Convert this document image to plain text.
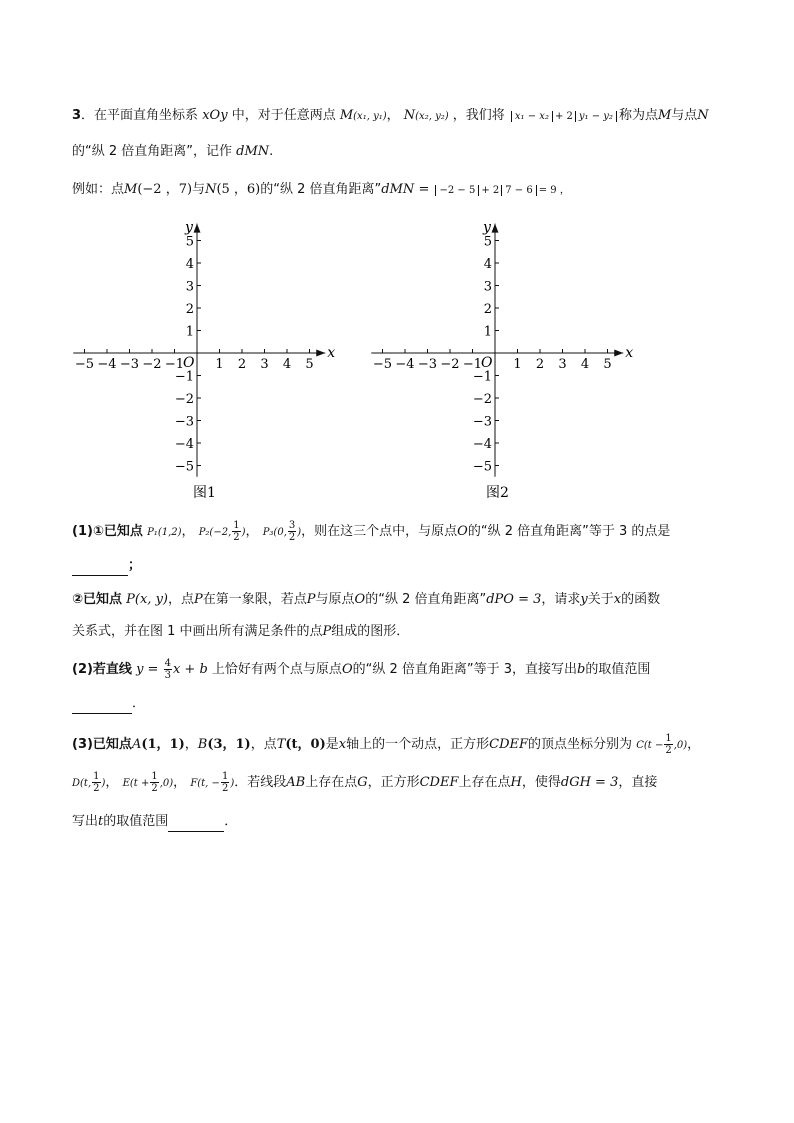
3．在平面直角坐标系 xOy 中，对于任意两点 M(x₁, y₁)， N(x₂, y₂) ，我们将 x₁ − x₂ + 2 y₁ − y₂ 称为点M与点N
的“纵 2 倍直角距离”，记作 dMN.
例如：点M(−2 ，7)与N(5 ，6)的“纵 2 倍直角距离”dMN = −2 − 5 + 2 7 − 6 = 9 ，
x
y
O
−5
−5
−4
−4
−3
−3
−2
−2
−1
−1
1
1
2
2
3
3
4
4
5
5
图1
x
y
O
−5
−5
−4
−4
−3
−3
−2
−2
−1
−1
1
1
2
2
3
3
4
4
5
5
图2
(1)①已知点 P₁(1,2)， P₂(−2, $\frac{1}{2}$ )， P₃(0, $\frac{3}{2}$ )，则在这三个点中，与原点O的“纵 2 倍直角距离”等于 3 的点是
；
②已知点 P(x, y)，点P在第一象限，若点P与原点O的“纵 2 倍直角距离”dPO = 3，请求y关于x的函数
关系式，并在图 1 中画出所有满足条件的点P组成的图形．
(2)若直线 $y = \frac{4}{3}$ x + b 上恰好有两个点与原点O的“纵 2 倍直角距离”等于 3，直接写出b的取值范围
．
(3)已知点A(1，1)，B(3，1)，点T(t，0)是x轴上的一个动点，正方形CDEF的顶点坐标分别为 $C(t - \frac{1}{2} ,0)$，
D(t, $\frac{1}{2}$ )， $E(t + \frac{1}{2} ,0)$， F(t, − $\frac{1}{2}$ )．若线段AB上存在点G，正方形CDEF上存在点H，使得dGH = 3，直接
写出t的取值范围	．
